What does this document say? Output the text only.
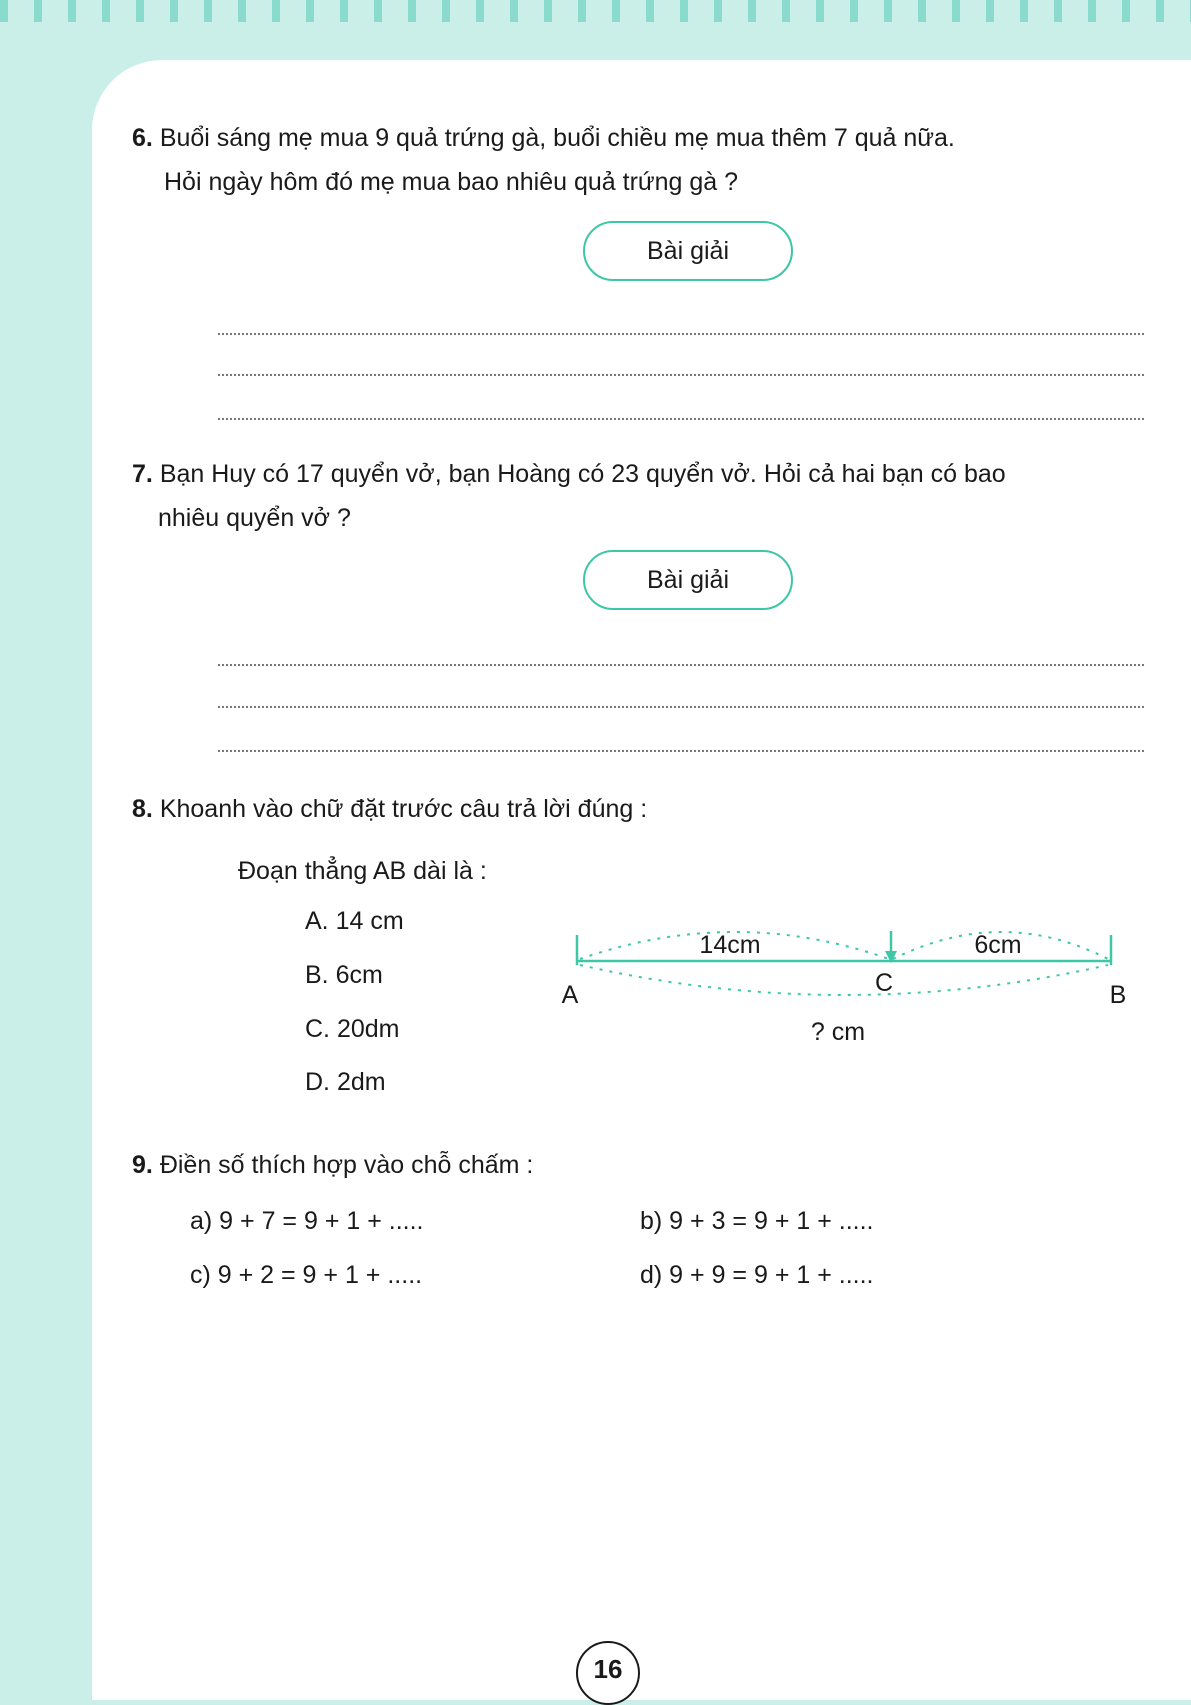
6. Buổi sáng mẹ mua 9 quả trứng gà, buổi chiều mẹ mua thêm 7 quả nữa.
Hỏi ngày hôm đó mẹ mua bao nhiêu quả trứng gà ?
Bài giải
7. Bạn Huy có 17 quyển vở, bạn Hoàng có 23 quyển vở. Hỏi cả hai bạn có bao
nhiêu quyển vở ?
Bài giải
8. Khoanh vào chữ đặt trước câu trả lời đúng :
Đoạn thẳng AB dài là :
A. 14 cm
B. 6cm
C. 20dm
D. 2dm
14cm	6cm
A	B
C
? cm
9. Điền số thích hợp vào chỗ chấm :
a) 9 + 7 = 9 + 1 + .....	b) 9 + 3 = 9 + 1 + .....
c) 9 + 2 = 9 + 1 + .....	d) 9 + 9 = 9 + 1 + .....
16
